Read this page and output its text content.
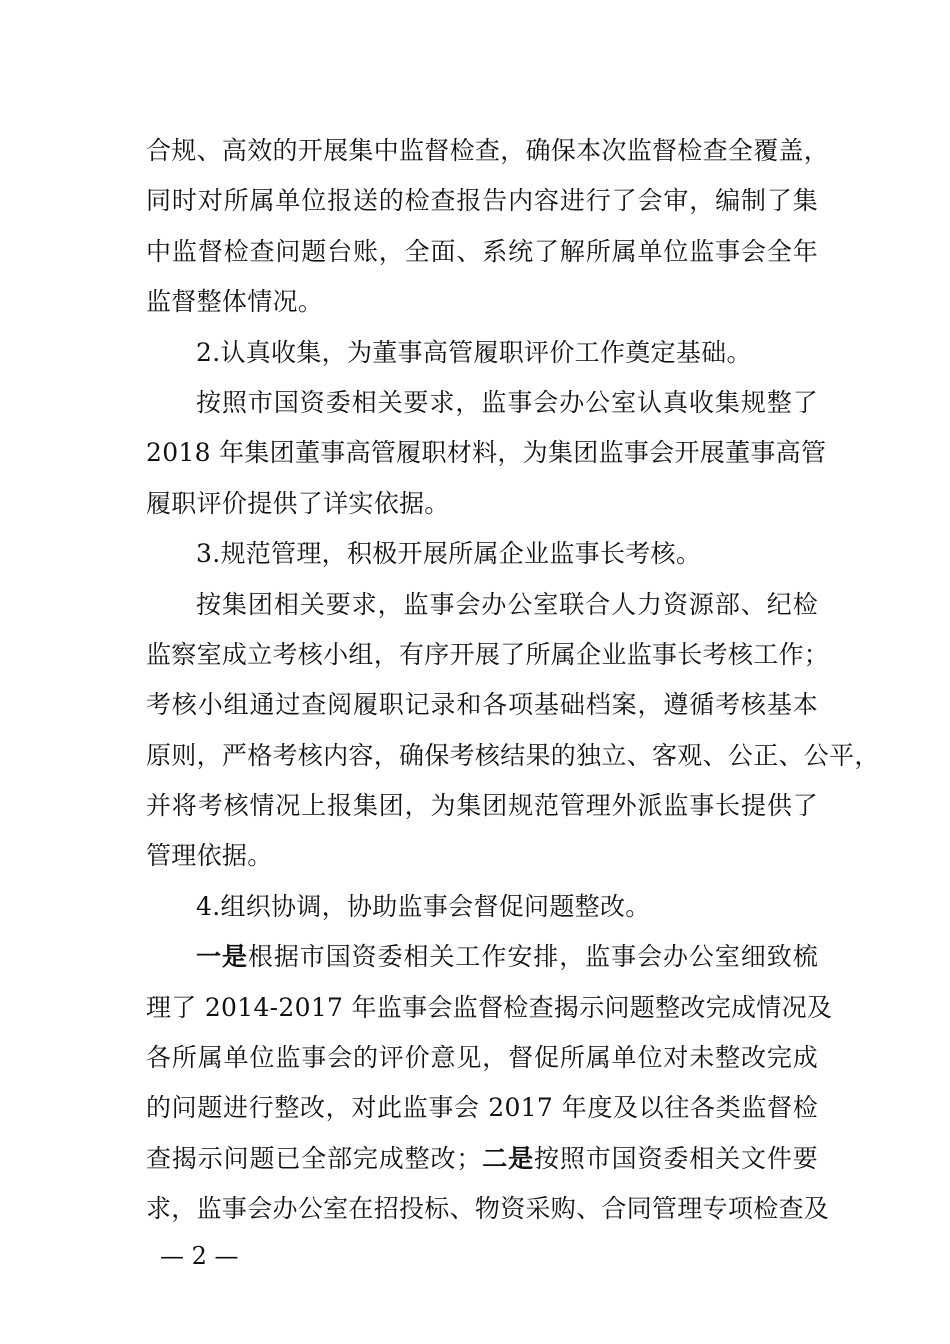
合规、高效的开展集中监督检查，确保本次监督检查全覆盖，
同时对所属单位报送的检查报告内容进行了会审，编制了集
中监督检查问题台账，全面、系统了解所属单位监事会全年
监督整体情况。
2.认真收集，为董事高管履职评价工作奠定基础。
按照市国资委相关要求，监事会办公室认真收集规整了
2018 年集团董事高管履职材料，为集团监事会开展董事高管
履职评价提供了详实依据。
3.规范管理，积极开展所属企业监事长考核。
按集团相关要求，监事会办公室联合人力资源部、纪检
监察室成立考核小组，有序开展了所属企业监事长考核工作；
考核小组通过查阅履职记录和各项基础档案，遵循考核基本
原则，严格考核内容，确保考核结果的独立、客观、公正、公平，
并将考核情况上报集团，为集团规范管理外派监事长提供了
管理依据。
4.组织协调，协助监事会督促问题整改。
一是根据市国资委相关工作安排，监事会办公室细致梳
理了 2014-2017 年监事会监督检查揭示问题整改完成情况及
各所属单位监事会的评价意见，督促所属单位对未整改完成
的问题进行整改，对此监事会 2017 年度及以往各类监督检
查揭示问题已全部完成整改；二是按照市国资委相关文件要
求，监事会办公室在招投标、物资采购、合同管理专项检查及
— 2 —
